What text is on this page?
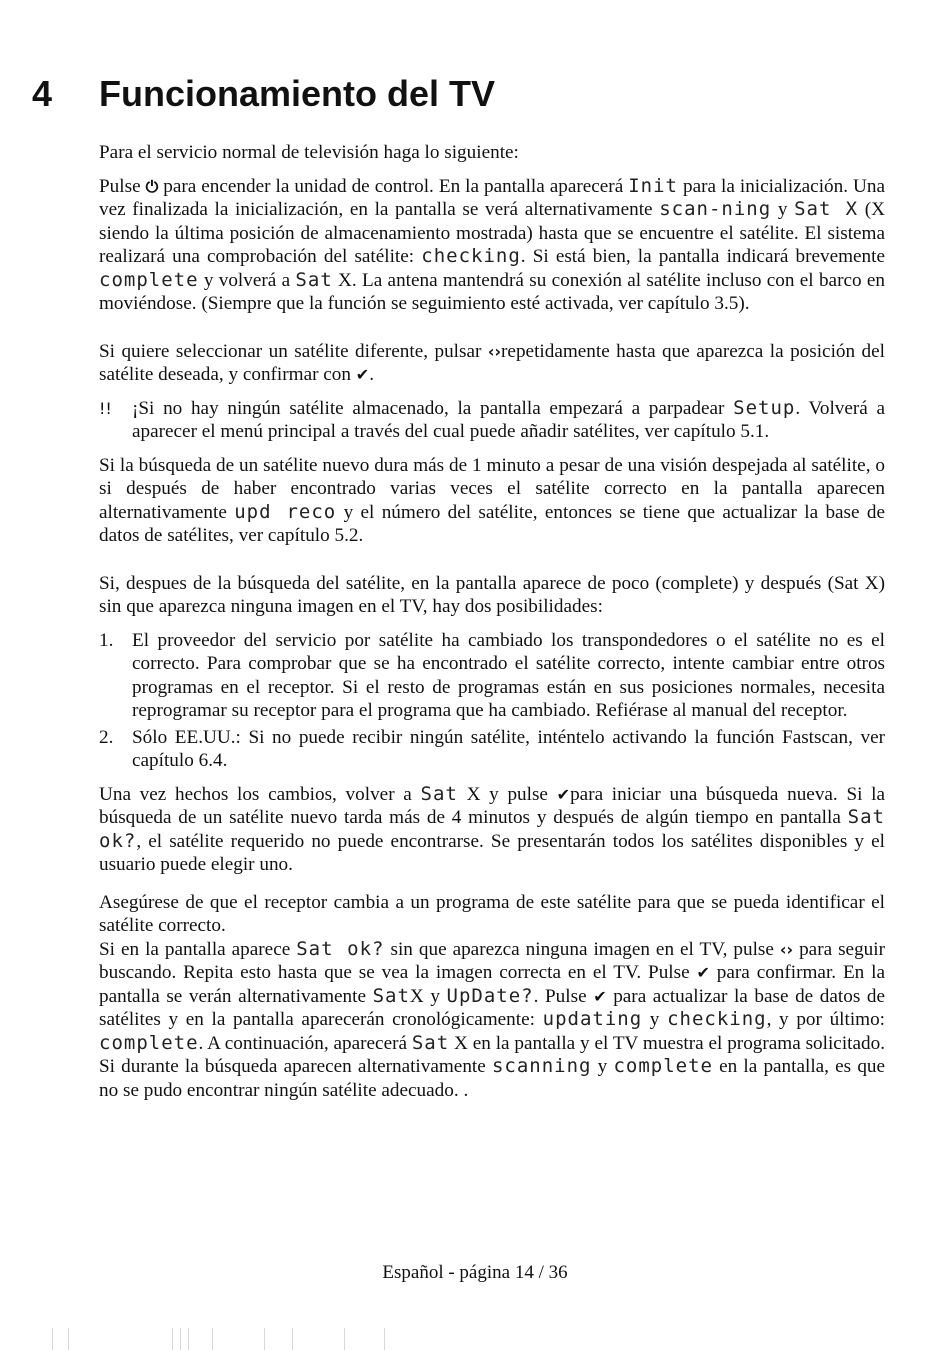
4 Funcionamiento del TV

Para el servicio normal de televisión haga lo siguiente:

Pulse ⏻ para encender la unidad de control. En la pantalla aparecerá Init para la inicialización. Una vez finalizada la inicialización, en la pantalla se verá alternativamente scan-ning y Sat X (X siendo la última posición de almacenamiento mostrada) hasta que se encuentre el satélite. El sistema realizará una comprobación del satélite: checking. Si está bien, la pantalla indicará brevemente complete y volverá a Sat X. La antena mantendrá su conexión al satélite incluso con el barco en moviéndose. (Siempre que la función se seguimiento esté activada, ver capítulo 3.5).

Si quiere seleccionar un satélite diferente, pulsar ‹›repetidamente hasta que aparezca la posición del satélite deseada, y confirmar con ✔.

!! ¡Si no hay ningún satélite almacenado, la pantalla empezará a parpadear Setup. Volverá a aparecer el menú principal a través del cual puede añadir satélites, ver capítulo 5.1.

Si la búsqueda de un satélite nuevo dura más de 1 minuto a pesar de una visión despejada al satélite, o si después de haber encontrado varias veces el satélite correcto en la pantalla aparecen alternativamente upd reco y el número del satélite, entonces se tiene que actualizar la base de datos de satélites, ver capítulo 5.2.

Si, despues de la búsqueda del satélite, en la pantalla aparece de poco (complete) y después (Sat X) sin que aparezca ninguna imagen en el TV, hay dos posibilidades:

1. El proveedor del servicio por satélite ha cambiado los transpondedores o el satélite no es el correcto. Para comprobar que se ha encontrado el satélite correcto, intente cambiar entre otros programas en el receptor. Si el resto de programas están en sus posiciones normales, necesita reprogramar su receptor para el programa que ha cambiado. Refiérase al manual del receptor.
2. Sólo EE.UU.: Si no puede recibir ningún satélite, inténtelo activando la función Fastscan, ver capítulo 6.4.

Una vez hechos los cambios, volver a Sat X y pulse ✔para iniciar una búsqueda nueva. Si la búsqueda de un satélite nuevo tarda más de 4 minutos y después de algún tiempo en pantalla Sat ok?, el satélite requerido no puede encontrarse. Se presentarán todos los satélites disponibles y el usuario puede elegir uno.

Asegúrese de que el receptor cambia a un programa de este satélite para que se pueda identificar el satélite correcto.

Si en la pantalla aparece Sat ok? sin que aparezca ninguna imagen en el TV, pulse ‹› para seguir buscando. Repita esto hasta que se vea la imagen correcta en el TV. Pulse ✔ para confirmar. En la pantalla se verán alternativamente SatX y UpDate?. Pulse ✔ para actualizar la base de datos de satélites y en la pantalla aparecerán cronológicamente: updating y checking, y por último: complete. A continuación, aparecerá Sat X en la pantalla y el TV muestra el programa solicitado. Si durante la búsqueda aparecen alternativamente scanning y complete en la pantalla, es que no se pudo encontrar ningún satélite adecuado. .

Español - página 14 / 36
